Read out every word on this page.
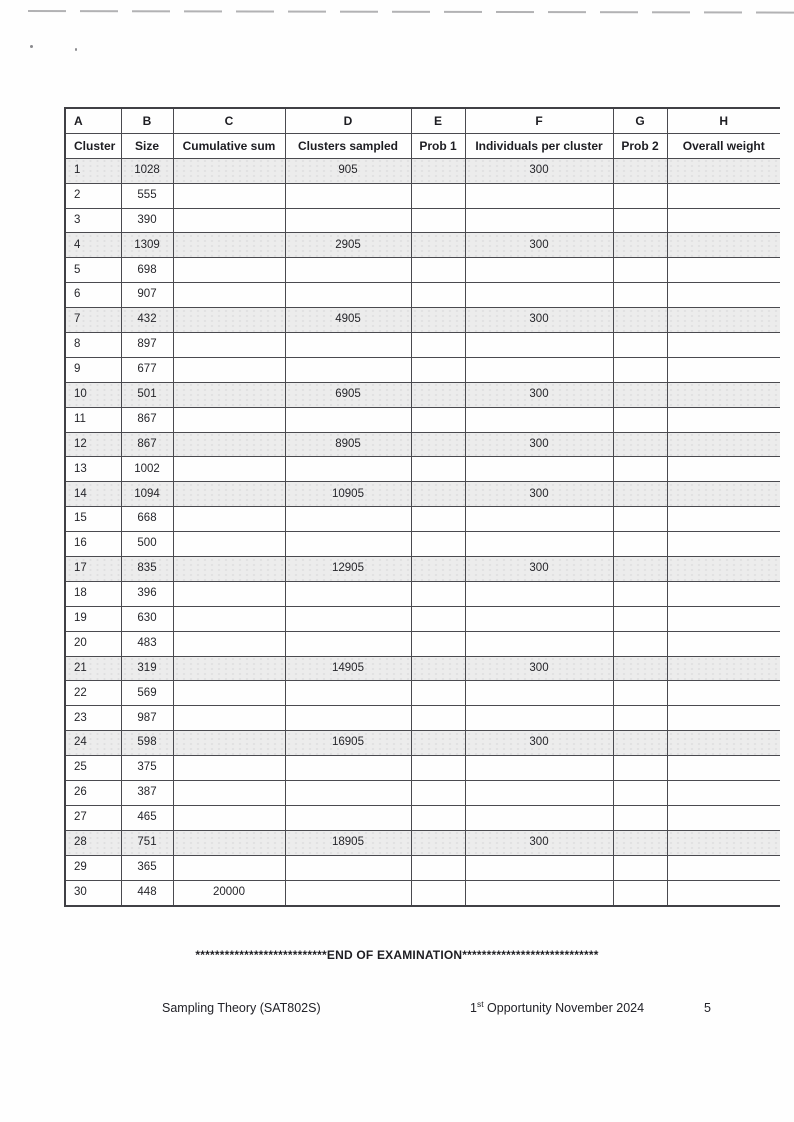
A	B	C	D	E	F	G	H
Cluster	Size	Cumulative sum	Clusters sampled	Prob 1	Individuals per cluster	Prob 2	Overall weight
1	1028		905		300		
2	555						
3	390						
4	1309		2905		300		
5	698						
6	907						
7	432		4905		300		
8	897						
9	677						
10	501		6905		300		
11	867						
12	867		8905		300		
13	1002						
14	1094		10905		300		
15	668						
16	500						
17	835		12905		300		
18	396						
19	630						
20	483						
21	319		14905		300		
22	569						
23	987						
24	598		16905		300		
25	375						
26	387						
27	465						
28	751		18905		300		
29	365						
30	448	20000					
***************************END OF EXAMINATION****************************
Sampling Theory (SAT802S)	1st Opportunity November 2024	5
